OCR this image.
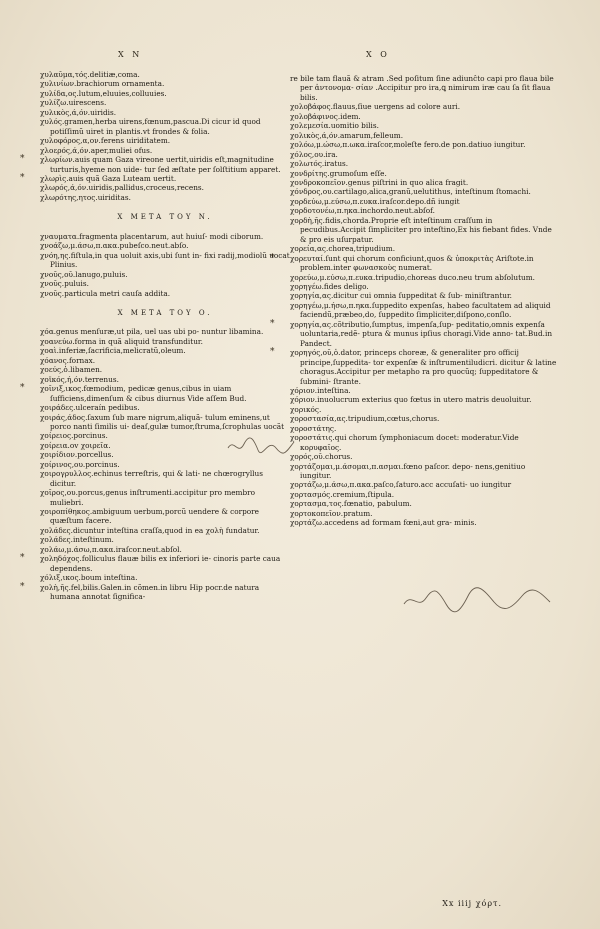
X N	X O
χυλαῦμα,τός.delitiæ,coma.
χυλινίων.brachiorum ornamenta.
χυλίδα,ος.lutum,eluuies,colluuies.
χυλίζω.uirescens.
χυλικὸς,ά,όν.uiridis.
χυλός.gramen,herba uirens,fœnum,pascua.Di cicur id quod potiſſimũ uiret in plantis.vt frondes & folia.
χυλοφόρος,α,ον.ferens uiriditatem.
χλοερός,ά,όν.aper,muliei ofus.
* χλωρίων.auis quam Gaza vireone uertit,uiridis eſt,magnitudine turturis,hyeme non uide- tur ſed æſtate per ſolſtitium apparet.
* χλωρὶς.auis quã Gaza Luteam uertit.
χλωρός,ά,όν.uiridis,pallidus,croceus,recens.
χλωρότης,ητος.uiriditas.
X META TOY N.
χναυματα.fragmenta placentarum, aut huiuſ- modi ciborum.
χνοάζω,μ.άσω,π.ακα.pubeſco.neut.abſo.
χνόη,ης.fiſtula,in qua uoluit axis,ubi ſunt in- fixi radij,modiolũ uocat Plinius.
χνοῦς,οῦ.lanugo,puluis.
χνοῦς.puluis.
χνοῦς.particula metri cauſa addita.
X META TOY O.
χόα.genus menſuræ,ut pila, uel uas ubi po- nuntur libamina.
χοανεύω.forma in quã aliquid transfunditur.
χοαὶ.inferiæ,ſacrificia,melicratũ,oleum.
χόανος.fornax.
χοεύς,ὁ.libamen.
χοϊκός,ή,όν.terrenus.
* χοῖνιξ,ικος.fœmodium, pedicæ genus,cibus in uiam ſufficiens,dimenſum & cibus diurnus Vide aſſem Bud.
χοιράδες.ulceraín pedibus.
χοιράς,άδος.ſaxum ſub mare nigrum,aliquã- tulum eminens,ut porco nanti ſimilis ui- deaſ,gulæ tumor,ſtruma,ſcrophulas uocãt
χοίρειος.porcinus.
χοίρεια.ov χοιρεῖα.
χοιρίδιον.porcellus.
χοίρινος,ου.porcinus.
χοιρογρυλλος.echinus terreſtris, qui & lati- ne chœrogryllus dicitur.
χοῖρος,ου.porcus,genus inſtrumenti.accipitur pro membro muliebri.
χοιροπίθηκος.ambiguum uerbum,porcũ uendere & corpore quæſtum facere.
χολάδες.dicuntur inteſtina craſſa,quod in ea χολὴ fundatur.
χολάδες.inteſtinum.
χολάω,μ.άσω,π.ακα.iraſcor.neut.abſol.
* χοληδόχος.folliculus flauæ bilis ex inferiori ie- cinoris parte caua dependens.
χόλιξ,ικος.boum inteſtina.
* χολὴ,ῆς.fel,bilis.Galen.in cõmen.in libru Hip pocr.de natura humana annotat ſignifica-
re bile tam flauã & atram .Sed poſitum ſine adiunĉto capi pro flaua bile per ἀντονομα- σίαν .Accipitur pro ira,ꝗ nimirum iræ cau ſa ſit flaua bilis.
χολοβάφος.flauus,ſiue uergens ad colore auri.
χολοβάφινος.idem.
χολεμεσία.uomitio bilis.
χολικὸς,ά,όν.amarum,felleum.
χολόω,μ.ώσω,π.ωκα.iraſcor,moleſte fero.de pon.datiuo iungitur.
χόλος,ου.ira.
χολωτός.iratus.
χονδρίτης.grumoſum eſſe.
χονδροκοπεῖον.genus piſtrini in quo alica fragit.
χόνδρος,ου.cartilago,alica,granũ,uelutithus, inteſtinum ſtomachi.
χορδεύω,μ.εύσω,π.ευκα.iraſcor.depo.dñ iungit
χορδοτονέω,π.ηκα.inchordo.neut.abſof.
χορδὴ,ῆς.fidis,chorda.Proprie eſt inteſtinum craſſum in pecudibus.Accipit ſimpliciter pro inteſtino,Ex his fiebant fides. Vnde & pro eis uſurpatur.
χορεία,ας.chorea,tripudium.
* χορευταί.ſunt qui chorum conficiunt,quos & ὑποκριτὰς Ariſtote.in problem.inter φωνασκοὺς numerat.
χορεύω,μ.εύσω,π.ευκα.tripudio,choreas duco.neu trum abſolutum.
χορηγέω.fides deligo.
χορηγία,ας.dicitur cui omnia ſuppeditat & ſub- miniſtrantur.
χορηγέω,μ.ήσω,π.ηκα.ſuppedito expenſas, habeo facultatem ad aliquid faciendũ,præbeo,do, ſuppedito ſimpliciter,diſpono,conſlo.
* χορηγία,ας.cõtributio,ſumptus, impenſa,ſup- peditatio,omnis expenſa uoluntaria,redẽ- ptura & munus ipſius choragi.Vide anno- tat.Bud.in Pandect.
* χορηγός,οῦ,ὁ.dator, princeps choreæ, & generaliter pro officij principe,ſuppedita- tor expenſæ & inſtrumentiludicri. dicitur & latine choragus.Accipitur per metapho ra pro quocũq; ſuppeditatore & ſubmini- ſtrante.
χόριον.inteſtina.
χόριον.inuolucrum exterius quo fœtus in utero matris deuoluitur.
χορικός.
χοροστασία,ας.tripudium,cœtus,chorus.
χοροστάτης.
χοροστάτις.qui chorum ſymphoniacum docet: moderatur.Vide κορυφαῖος.
χορός,οῦ.chorus.
χορτάζομαι,μ.άσομαι,π.ασμαι.fœno paſcor. depo- nens,genitiuo iungitur.
χορτάζω,μ.άσω,π.ακα.paſco,ſaturo.acc accuſati- uo iungitur
χορτασμός.cremium,ſtipula.
χορτασμα,τος.fœnatio, pabulum.
χορτοκοπεῖον.pratum.
χορτάζω.accedens ad formam fœni,aut gra- minis.
Xx iiij χόρτ.
